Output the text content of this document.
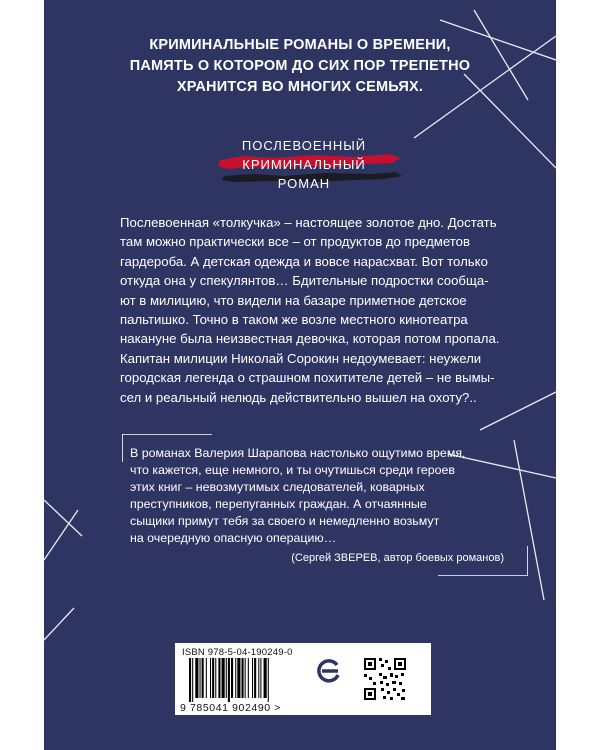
КРИМИНАЛЬНЫЕ РОМАНЫ О ВРЕМЕНИ,
ПАМЯТЬ О КОТОРОМ ДО СИХ ПОР ТРЕПЕТНО
ХРАНИТСЯ ВО МНОГИХ СЕМЬЯХ.
ПОСЛЕВОЕННЫЙ
КРИМИНАЛЬНЫЙ
РОМАН
Послевоенная «толкучка» – настоящее золотое дно. Достать
там можно практически все – от продуктов до предметов
гардероба. А детская одежда и вовсе нарасхват. Вот только
откуда она у спекулянтов… Бдительные подростки сообща-
ют в милицию, что видели на базаре приметное детское
пальтишко. Точно в таком же возле местного кинотеатра
накануне была неизвестная девочка, которая потом пропала.
Капитан милиции Николай Сорокин недоумевает: неужели
городская легенда о страшном похитителе детей – не вымы-
сел и реальный нелюдь действительно вышел на охоту?..
В романах Валерия Шарапова настолько ощутимо время,
что кажется, еще немного, и ты очутишься среди героев
этих книг – невозмутимых следователей, коварных
преступников, перепуганных граждан. А отчаянные
сыщики примут тебя за своего и немедленно возьмут
на очередную опасную операцию…
(Сергей ЗВЕРЕВ, автор боевых романов)
ISBN 978-5-04-190249-0
9 785041 902490 >
eksmo.ru
НАШИ СОЦСЕТИ
